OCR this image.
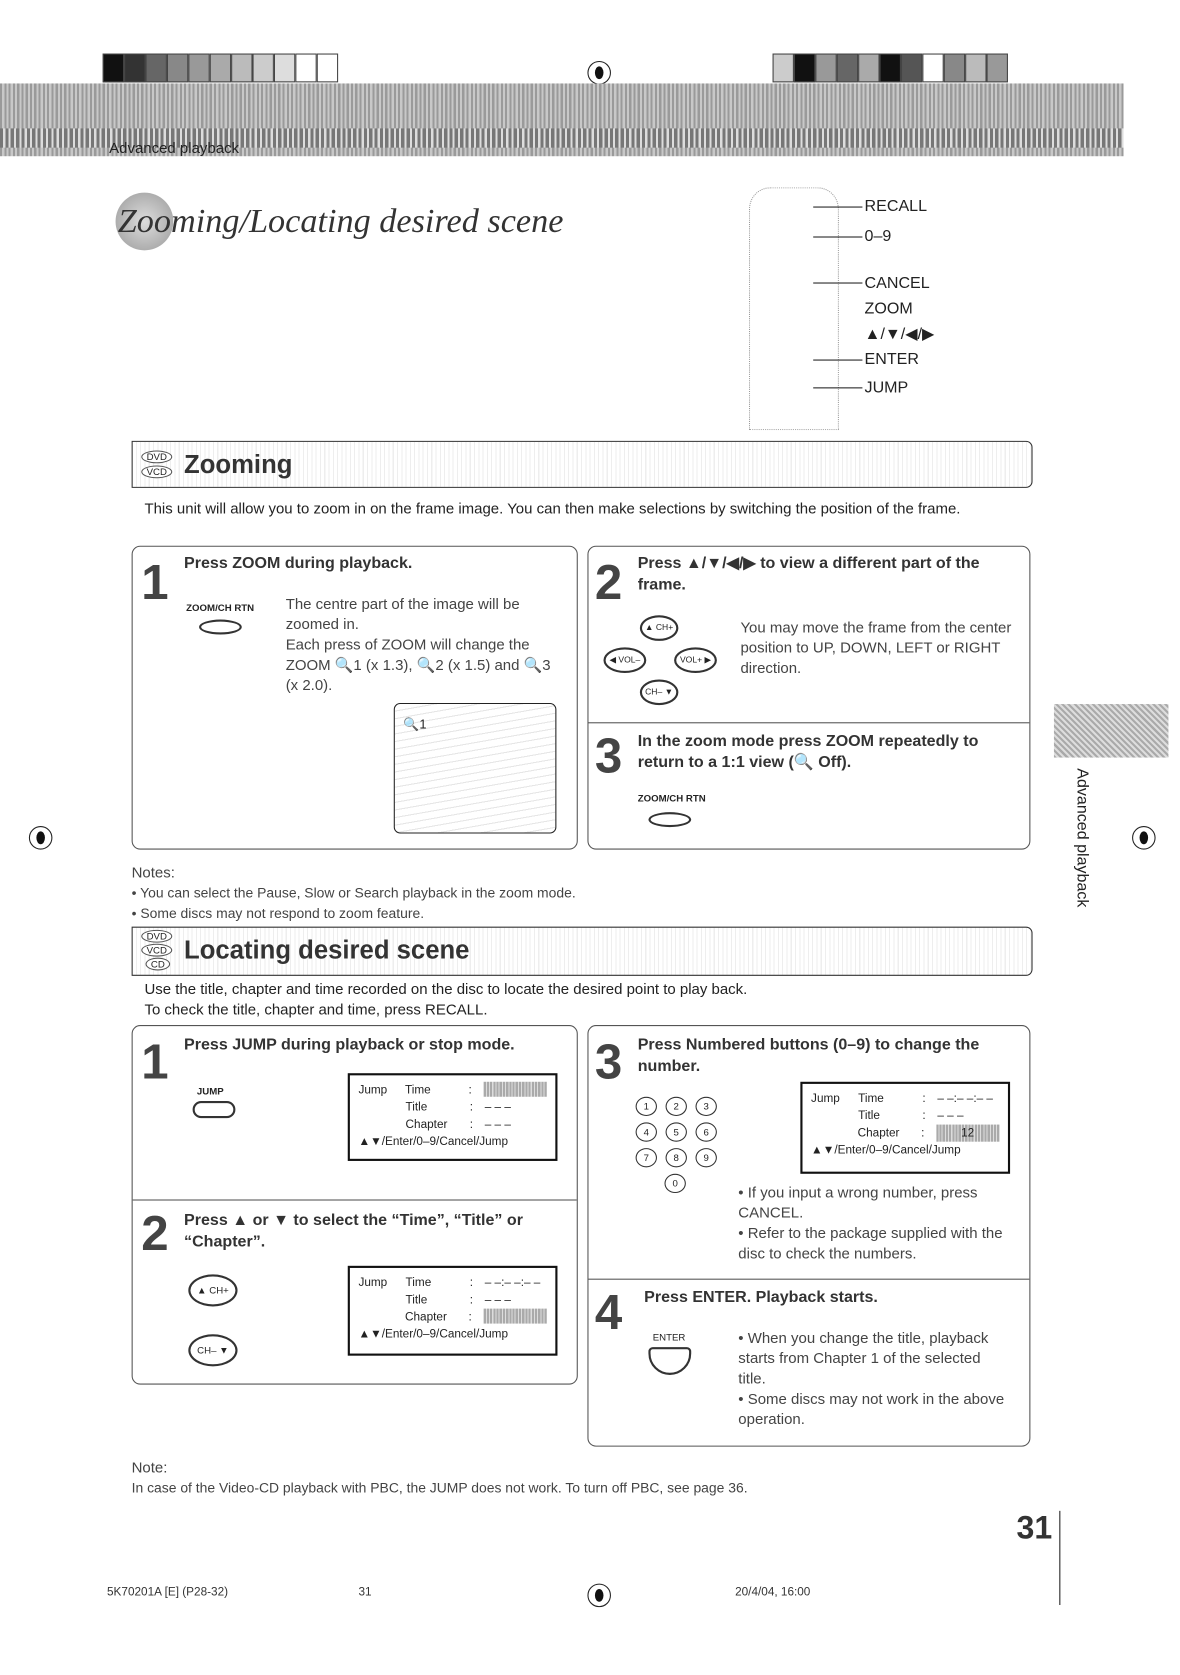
Advanced playback
Zooming/Locating desired scene	RECALL
0–9
CANCEL
ZOOM
▲/▼/◀/▶
ENTER
JUMP
DVD
VCD Zooming
This unit will allow you to zoom in on the frame image. You can then make selections by switching the position of the frame.
1 Press ZOOM during playback.
ZOOM/CH RTN The centre part of the image will be zoomed in.
Each press of ZOOM will change the ZOOM 🔍1 (x 1.3), 🔍2 (x 1.5) and 🔍3 (x 2.0).
🔍1
2 Press ▲/▼/◀/▶ to view a different part of the frame.
▲ CH+
◀ VOL–	VOL+ ▶
CH– ▼
You may move the frame from the center position to UP, DOWN, LEFT or RIGHT direction.
3 In the zoom mode press ZOOM repeatedly to return to a 1:1 view (🔍 Off).
ZOOM/CH RTN
Notes:
• You can select the Pause, Slow or Search playback in the zoom mode.
• Some discs may not respond to zoom feature.
DVD
VCD
CD Locating desired scene
Use the title, chapter and time recorded on the disc to locate the desired point to play back.
To check the title, chapter and time, press RECALL.
1 Press JUMP during playback or stop mode.
JUMP	Jump	Time	:
Title	:	– – –
Chapter	:	– – –
▲▼/Enter/0–9/Cancel/Jump
2 Press ▲ or ▼ to select the “Time”, “Title” or “Chapter”.
▲ CH+
CH– ▼
Jump	Time	:	– –:– –:– –
Title	:	– – –
Chapter	:
▲▼/Enter/0–9/Cancel/Jump
3 Press Numbered buttons (0–9) to change the number.
1	2	3
4	5	6
7	8	9
0
Jump	Time	:	– –:– –:– –
Title	:	– – –
Chapter	:	12
▲▼/Enter/0–9/Cancel/Jump
• If you input a wrong number, press CANCEL.
• Refer to the package supplied with the disc to check the numbers.
4 Press ENTER. Playback starts.
ENTER	• When you change the title, playback starts from Chapter 1 of the selected title.
• Some discs may not work in the above operation.
Note:
In case of the Video-CD playback with PBC, the JUMP does not work. To turn off PBC, see page 36.
Advanced playback
31
5K70201A [E] (P28-32)	31	20/4/04, 16:00
